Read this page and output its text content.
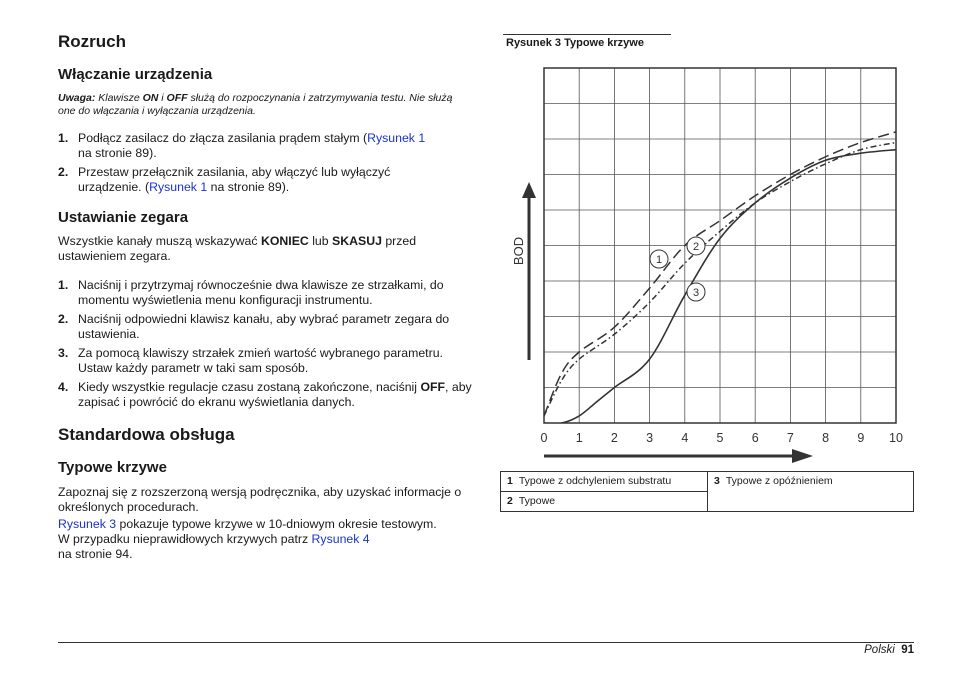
Rozruch
Włączanie urządzenia
Uwaga: Klawisze ON i OFF służą do rozpoczynania i zatrzymywania testu. Nie służą one do włączania i wyłączania urządzenia.
1. Podłącz zasilacz do złącza zasilania prądem stałym (Rysunek 1
na stronie 89).
2. Przestaw przełącznik zasilania, aby włączyć lub wyłączyć urządzenie. (Rysunek 1 na stronie 89).
Ustawianie zegara
Wszystkie kanały muszą wskazywać KONIEC lub SKASUJ przed ustawieniem zegara.
1. Naciśnij i przytrzymaj równocześnie dwa klawisze ze strzałkami, do momentu wyświetlenia menu konfiguracji instrumentu.
2. Naciśnij odpowiedni klawisz kanału, aby wybrać parametr zegara do ustawienia.
3. Za pomocą klawiszy strzałek zmień wartość wybranego parametru. Ustaw każdy parametr w taki sam sposób.
4. Kiedy wszystkie regulacje czasu zostaną zakończone, naciśnij OFF, aby zapisać i powrócić do ekranu wyświetlania danych.
Standardowa obsługa
Typowe krzywe
Zapoznaj się z rozszerzoną wersją podręcznika, aby uzyskać informacje o określonych procedurach.
Rysunek 3 pokazuje typowe krzywe w 10-dniowym okresie testowym.
W przypadku nieprawidłowych krzywych patrz Rysunek 4
na stronie 94.
Rysunek 3 Typowe krzywe
0 1 2 3 4 5 6 7 8 9 10
BOD	1
2
3
1 Typowe z odchyleniem substratu	3 Typowe z opóźnieniem
2 Typowe
Polski 91
